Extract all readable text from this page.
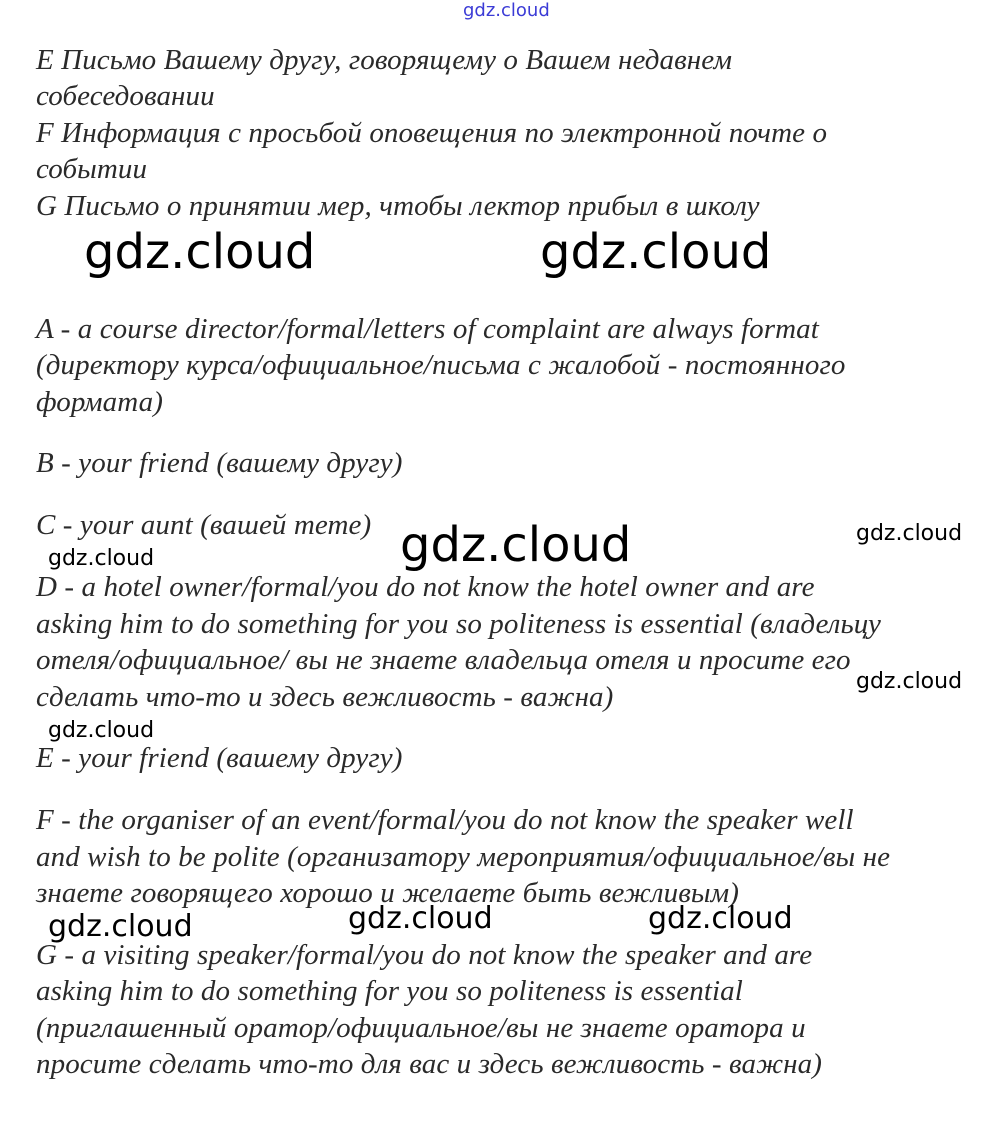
gdz.cloud
E Письмо Вашему другу, говорящему о Вашем недавнем
собеседовании
F Информация с просьбой оповещения по электронной почте о
событии
G Письмо о принятии мер, чтобы лектор прибыл в школу
A - a course director/formal/letters of complaint are always format
(директору курса/официальное/письма с жалобой - постоянного
формата)
B - your friend (вашему другу)
C - your aunt (вашей тете)
D - a hotel owner/formal/you do not know the hotel owner and are
asking him to do something for you so politeness is essential (владельцу
отеля/официальное/ вы не знаете владельца отеля и просите его
сделать что-то и здесь вежливость - важна)
E - your friend (вашему другу)
F - the organiser of an event/formal/you do not know the speaker well
and wish to be polite (организатору мероприятия/официальное/вы не
знаете говорящего хорошо и желаете быть вежливым)
G - a visiting speaker/formal/you do not know the speaker and are
asking him to do something for you so politeness is essential
(приглашенный оратор/официальное/вы не знаете оратора и
просите сделать что-то для вас и здесь вежливость - важна)
gdz.cloud	gdz.cloud
gdz.cloud	gdz.cloud
gdz.cloud
gdz.cloud
gdz.cloud
gdz.cloud	gdz.cloud	gdz.cloud
